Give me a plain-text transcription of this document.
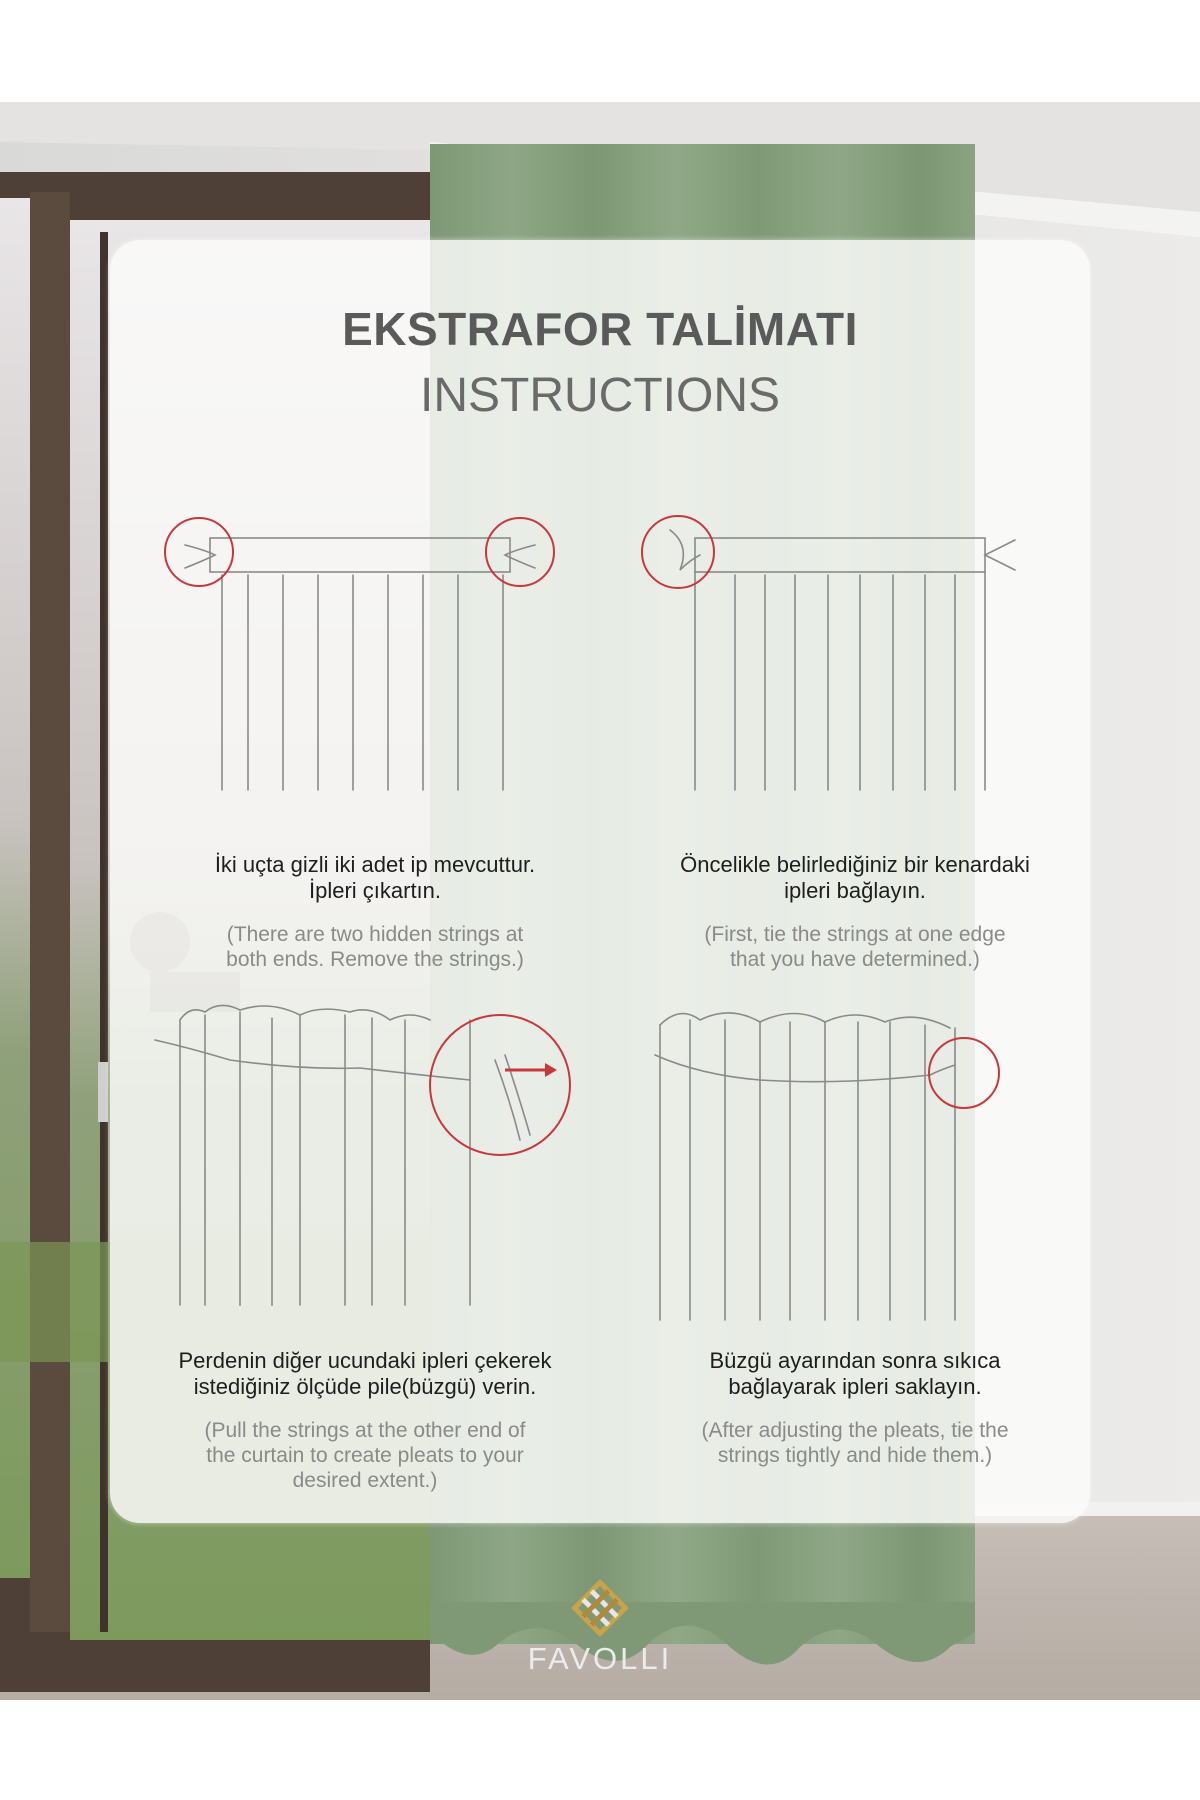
EKSTRAFOR TALİMATI
INSTRUCTIONS
İki uçta gizli iki adet ip mevcuttur.
İpleri çıkartın.
(There are two hidden strings at
both ends. Remove the strings.)
Öncelikle belirlediğiniz bir kenardaki
ipleri bağlayın.
(First, tie the strings at one edge
that you have determined.)
Perdenin diğer ucundaki ipleri çekerek
istediğiniz ölçüde pile(büzgü) verin.
(Pull the strings at the other end of
the curtain to create pleats to your
desired extent.)
Büzgü ayarından sonra sıkıca
bağlayarak ipleri saklayın.
(After adjusting the pleats, tie the
strings tightly and hide them.)
FAVOLLI
